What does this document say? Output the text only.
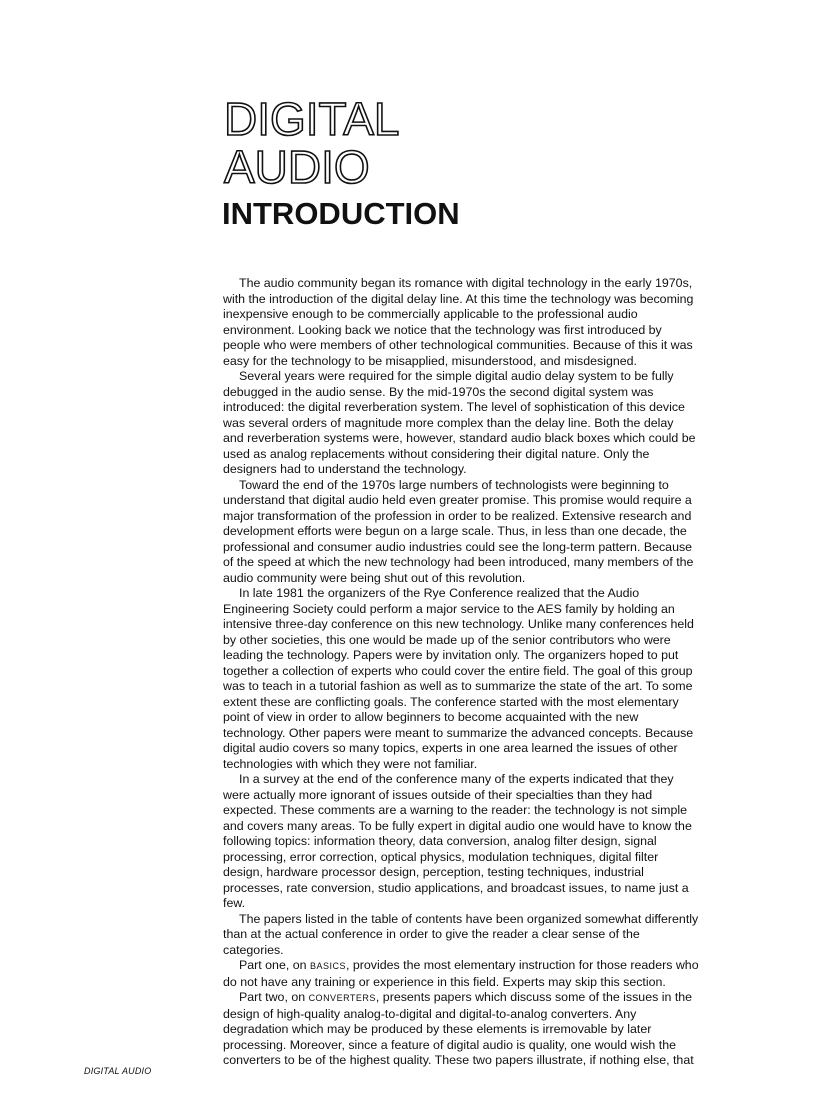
DIGITAL
AUDIO
INTRODUCTION
The audio community began its romance with digital technology in the early 1970s,
with the introduction of the digital delay line. At this time the technology was becoming
inexpensive enough to be commercially applicable to the professional audio
environment. Looking back we notice that the technology was first introduced by
people who were members of other technological communities. Because of this it was
easy for the technology to be misapplied, misunderstood, and misdesigned.
Several years were required for the simple digital audio delay system to be fully
debugged in the audio sense. By the mid-1970s the second digital system was
introduced: the digital reverberation system. The level of sophistication of this device
was several orders of magnitude more complex than the delay line. Both the delay
and reverberation systems were, however, standard audio black boxes which could be
used as analog replacements without considering their digital nature. Only the
designers had to understand the technology.
Toward the end of the 1970s large numbers of technologists were beginning to
understand that digital audio held even greater promise. This promise would require a
major transformation of the profession in order to be realized. Extensive research and
development efforts were begun on a large scale. Thus, in less than one decade, the
professional and consumer audio industries could see the long-term pattern. Because
of the speed at which the new technology had been introduced, many members of the
audio community were being shut out of this revolution.
In late 1981 the organizers of the Rye Conference realized that the Audio
Engineering Society could perform a major service to the AES family by holding an
intensive three-day conference on this new technology. Unlike many conferences held
by other societies, this one would be made up of the senior contributors who were
leading the technology. Papers were by invitation only. The organizers hoped to put
together a collection of experts who could cover the entire field. The goal of this group
was to teach in a tutorial fashion as well as to summarize the state of the art. To some
extent these are conflicting goals. The conference started with the most elementary
point of view in order to allow beginners to become acquainted with the new
technology. Other papers were meant to summarize the advanced concepts. Because
digital audio covers so many topics, experts in one area learned the issues of other
technologies with which they were not familiar.
In a survey at the end of the conference many of the experts indicated that they
were actually more ignorant of issues outside of their specialties than they had
expected. These comments are a warning to the reader: the technology is not simple
and covers many areas. To be fully expert in digital audio one would have to know the
following topics: information theory, data conversion, analog filter design, signal
processing, error correction, optical physics, modulation techniques, digital filter
design, hardware processor design, perception, testing techniques, industrial
processes, rate conversion, studio applications, and broadcast issues, to name just a
few.
The papers listed in the table of contents have been organized somewhat differently
than at the actual conference in order to give the reader a clear sense of the
categories.
Part one, on BASICS, provides the most elementary instruction for those readers who
do not have any training or experience in this field. Experts may skip this section.
Part two, on CONVERTERS, presents papers which discuss some of the issues in the
design of high-quality analog-to-digital and digital-to-analog converters. Any
degradation which may be produced by these elements is irremovable by later
processing. Moreover, since a feature of digital audio is quality, one would wish the
converters to be of the highest quality. These two papers illustrate, if nothing else, that
DIGITAL AUDIO
